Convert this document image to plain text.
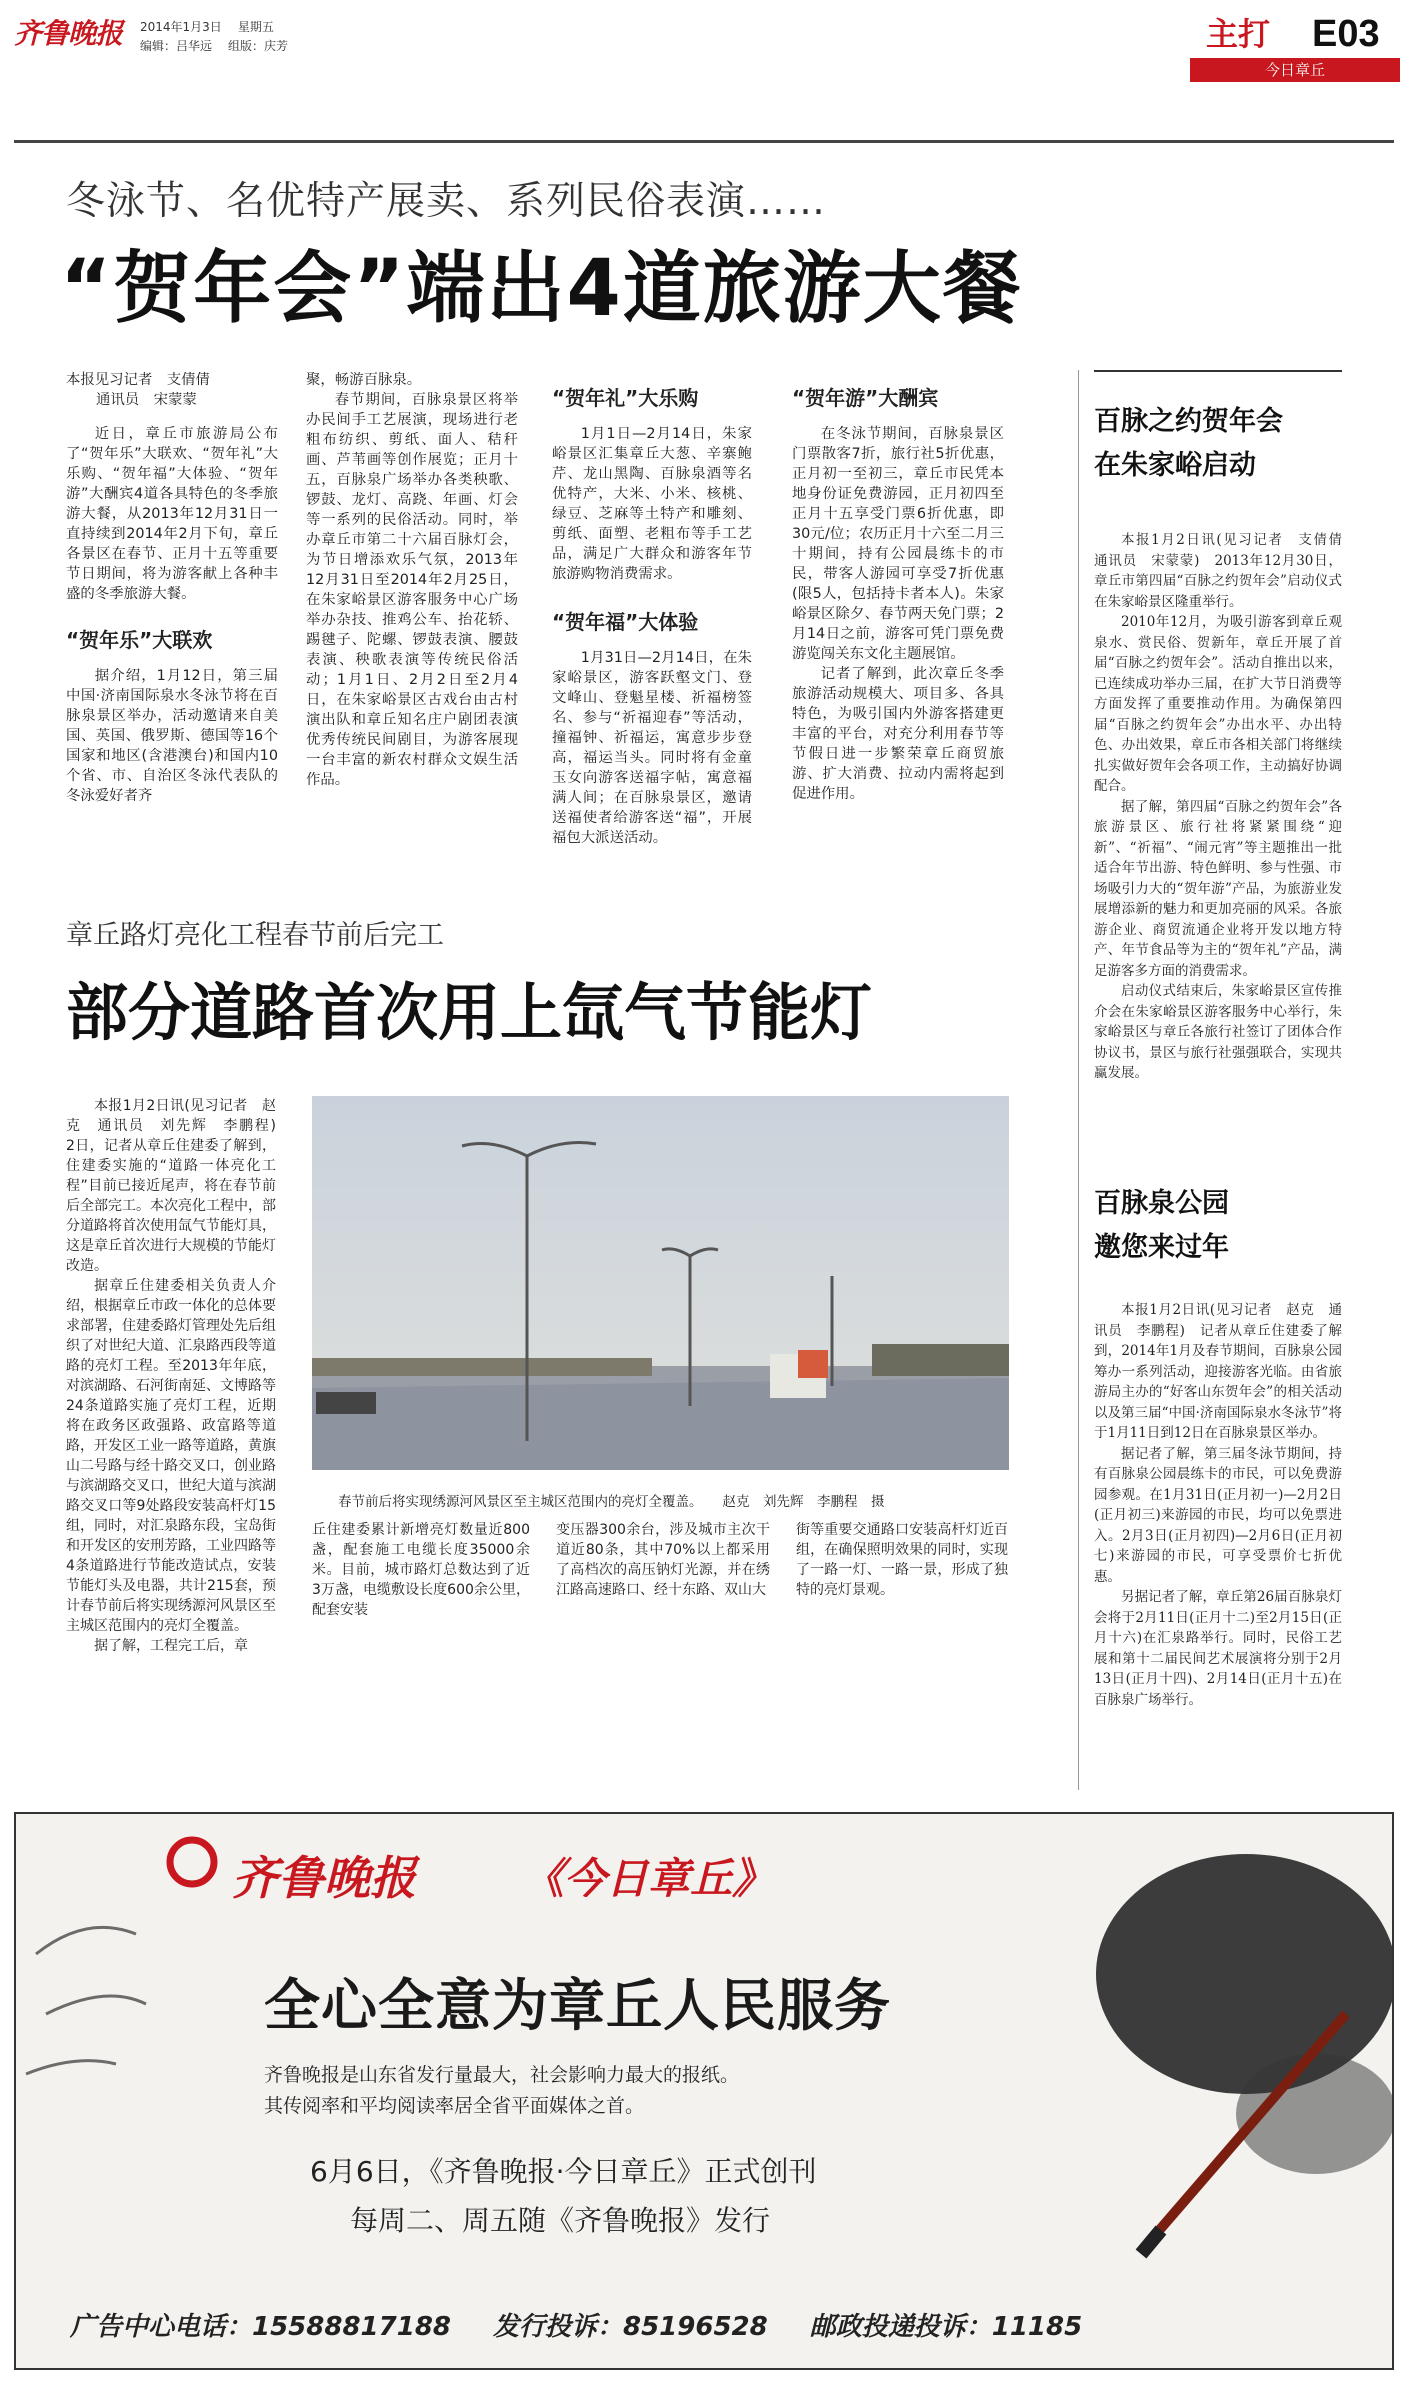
齐鲁晚报	2014年1月3日 星期五
编辑：吕华远 组版：庆芳	主打 E03
今日章丘
冬泳节、名优特产展卖、系列民俗表演……
“贺年会”端出4道旅游大餐

本报见习记者　支倩倩

通讯员　宋蒙蒙

近日，章丘市旅游局公布了“贺年乐”大联欢、“贺年礼”大乐购、“贺年福”大体验、“贺年游”大酬宾4道各具特色的冬季旅游大餐，从2013年12月31日一直持续到2014年2月下旬，章丘各景区在春节、正月十五等重要节日期间，将为游客献上各种丰盛的冬季旅游大餐。

“贺年乐”大联欢

据介绍，1月12日，第三届中国·济南国际泉水冬泳节将在百脉泉景区举办，活动邀请来自美国、英国、俄罗斯、德国等16个国家和地区(含港澳台)和国内10个省、市、自治区冬泳代表队的冬泳爱好者齐

聚，畅游百脉泉。

春节期间，百脉泉景区将举办民间手工艺展演，现场进行老粗布纺织、剪纸、面人、秸秆画、芦苇画等创作展览；正月十五，百脉泉广场举办各类秧歌、锣鼓、龙灯、高跷、年画、灯会等一系列的民俗活动。同时，举办章丘市第二十六届百脉灯会，为节日增添欢乐气氛，2013年12月31日至2014年2月25日，在朱家峪景区游客服务中心广场举办杂技、推鸡公车、抬花轿、踢毽子、陀螺、锣鼓表演、腰鼓表演、秧歌表演等传统民俗活动；1月1日、2月2日至2月4日，在朱家峪景区古戏台由古村演出队和章丘知名庄户剧团表演优秀传统民间剧目，为游客展现一台丰富的新农村群众文娱生活作品。

“贺年礼”大乐购

1月1日—2月14日，朱家峪景区汇集章丘大葱、辛寨鲍芹、龙山黑陶、百脉泉酒等名优特产，大米、小米、核桃、绿豆、芝麻等土特产和雕刻、剪纸、面塑、老粗布等手工艺品，满足广大群众和游客年节旅游购物消费需求。

“贺年福”大体验

1月31日—2月14日，在朱家峪景区，游客跃壑文门、登文峰山、登魁星楼、祈福榜签名、参与“祈福迎春”等活动，撞福钟、祈福运，寓意步步登高，福运当头。同时将有金童玉女向游客送福字帖，寓意福满人间；在百脉泉景区，邀请送福使者给游客送“福”，开展福包大派送活动。

“贺年游”大酬宾

在冬泳节期间，百脉泉景区门票散客7折，旅行社5折优惠，正月初一至初三，章丘市民凭本地身份证免费游园，正月初四至正月十五享受门票6折优惠，即30元/位；农历正月十六至二月三十期间，持有公园晨练卡的市民，带客人游园可享受7折优惠(限5人，包括持卡者本人)。朱家峪景区除夕、春节两天免门票；2月14日之前，游客可凭门票免费游览闯关东文化主题展馆。

记者了解到，此次章丘冬季旅游活动规模大、项目多、各具特色，为吸引国内外游客搭建更丰富的平台，对充分利用春节等节假日进一步繁荣章丘商贸旅游、扩大消费、拉动内需将起到促进作用。

百脉之约贺年会
在朱家峪启动

本报1月2日讯(见习记者　支倩倩　通讯员　宋蒙蒙)　2013年12月30日，章丘市第四届“百脉之约贺年会”启动仪式在朱家峪景区隆重举行。

2010年12月，为吸引游客到章丘观泉水、赏民俗、贺新年，章丘开展了首届“百脉之约贺年会”。活动自推出以来，已连续成功举办三届，在扩大节日消费等方面发挥了重要推动作用。为确保第四届“百脉之约贺年会”办出水平、办出特色、办出效果，章丘市各相关部门将继续扎实做好贺年会各项工作，主动搞好协调配合。

据了解，第四届“百脉之约贺年会”各旅游景区、旅行社将紧紧围绕“迎新”、“祈福”、“闹元宵”等主题推出一批适合年节出游、特色鲜明、参与性强、市场吸引力大的“贺年游”产品，为旅游业发展增添新的魅力和更加亮丽的风采。各旅游企业、商贸流通企业将开发以地方特产、年节食品等为主的“贺年礼”产品，满足游客多方面的消费需求。

启动仪式结束后，朱家峪景区宣传推介会在朱家峪景区游客服务中心举行，朱家峪景区与章丘各旅行社签订了团体合作协议书，景区与旅行社强强联合，实现共赢发展。

百脉泉公园
邀您来过年

本报1月2日讯(见习记者　赵克　通讯员　李鹏程)　记者从章丘住建委了解到，2014年1月及春节期间，百脉泉公园筹办一系列活动，迎接游客光临。由省旅游局主办的“好客山东贺年会”的相关活动以及第三届“中国·济南国际泉水冬泳节”将于1月11日到12日在百脉泉景区举办。

据记者了解，第三届冬泳节期间，持有百脉泉公园晨练卡的市民，可以免费游园参观。在1月31日(正月初一)—2月2日(正月初三)来游园的市民，均可以免票进入。2月3日(正月初四)—2月6日(正月初七)来游园的市民，可享受票价七折优惠。

另据记者了解，章丘第26届百脉泉灯会将于2月11日(正月十二)至2月15日(正月十六)在汇泉路举行。同时，民俗工艺展和第十二届民间艺术展演将分别于2月13日(正月十四)、2月14日(正月十五)在百脉泉广场举行。

章丘路灯亮化工程春节前后完工
部分道路首次用上氙气节能灯

本报1月2日讯(见习记者　赵克　通讯员　刘先辉　李鹏程)　2日，记者从章丘住建委了解到，住建委实施的“道路一体亮化工程”目前已接近尾声，将在春节前后全部完工。本次亮化工程中，部分道路将首次使用氙气节能灯具，这是章丘首次进行大规模的节能灯改造。

据章丘住建委相关负责人介绍，根据章丘市政一体化的总体要求部署，住建委路灯管理处先后组织了对世纪大道、汇泉路西段等道路的亮灯工程。至2013年年底，对滨湖路、石河街南延、文博路等24条道路实施了亮灯工程，近期将在政务区政强路、政富路等道路，开发区工业一路等道路，黄旗山二号路与经十路交叉口，创业路与滨湖路交叉口，世纪大道与滨湖路交叉口等9处路段安装高杆灯15组，同时，对汇泉路东段，宝岛街和开发区的安刑芳路，工业四路等4条道路进行节能改造试点，安装节能灯头及电器，共计215套，预计春节前后将实现绣源河风景区至主城区范围内的亮灯全覆盖。

据了解，工程完工后，章

春节前后将实现绣源河风景区至主城区范围内的亮灯全覆盖。 赵克　刘先辉　李鹏程　摄

丘住建委累计新增亮灯数量近800盏，配套施工电缆长度35000余米。目前，城市路灯总数达到了近3万盏，电缆敷设长度600余公里，配套安装

变压器300余台，涉及城市主次干道近80条，其中70%以上都采用了高档次的高压钠灯光源，并在绣江路高速路口、经十东路、双山大

街等重要交通路口安装高杆灯近百组，在确保照明效果的同时，实现了一路一灯、一路一景，形成了独特的亮灯景观。

齐鲁晚报	《今日章丘》
全心全意为章丘人民服务
齐鲁晚报是山东省发行量最大，社会影响力最大的报纸。
其传阅率和平均阅读率居全省平面媒体之首。
6月6日，《齐鲁晚报·今日章丘》正式创刊
每周二、周五随《齐鲁晚报》发行
广告中心电话：15588817188 发行投诉：85196528 邮政投递投诉：11185
